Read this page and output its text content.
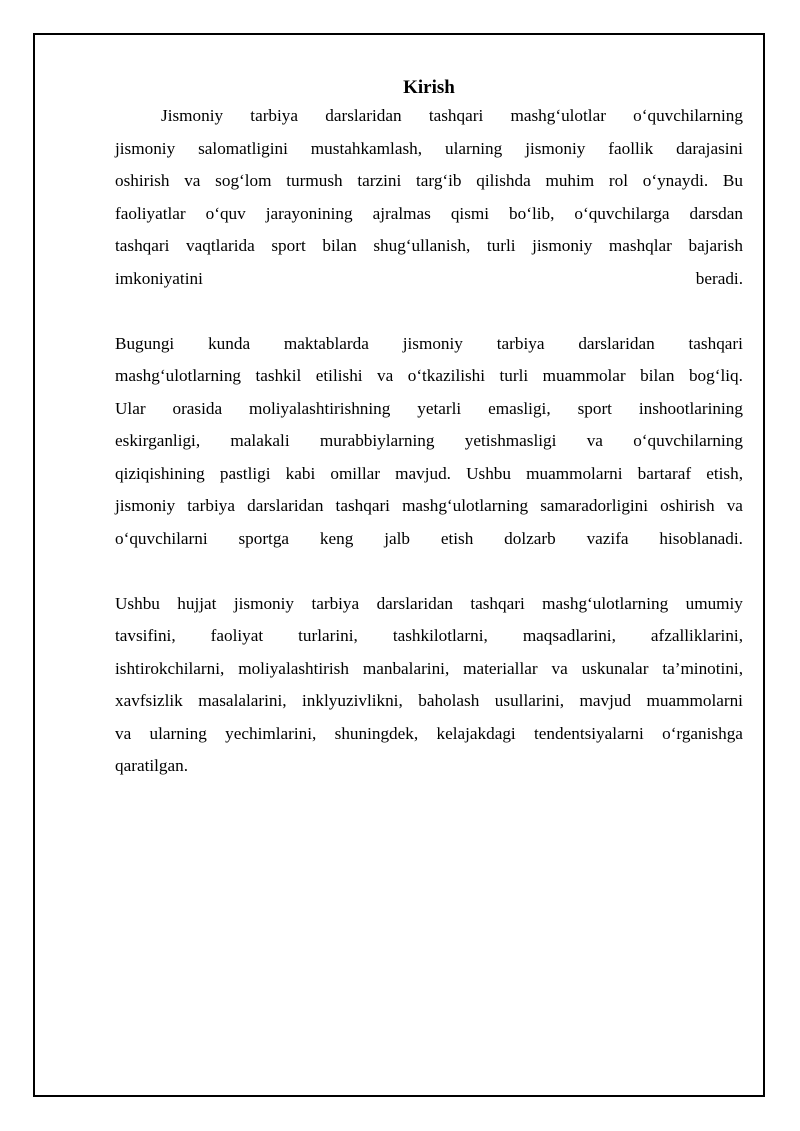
Kirish
Jismoniy tarbiya darslaridan tashqari mashg‘ulotlar o‘quvchilarning
jismoniy salomatligini mustahkamlash, ularning jismoniy faollik darajasini
oshirish va sog‘lom turmush tarzini targ‘ib qilishda muhim rol o‘ynaydi. Bu
faoliyatlar o‘quv jarayonining ajralmas qismi bo‘lib, o‘quvchilarga darsdan
tashqari vaqtlarida sport bilan shug‘ullanish, turli jismoniy mashqlar bajarish
imkoniyatini	beradi.
Bugungi kunda maktablarda jismoniy tarbiya darslaridan tashqari
mashg‘ulotlarning tashkil etilishi va o‘tkazilishi turli muammolar bilan bog‘liq.
Ular orasida moliyalashtirishning yetarli emasligi, sport inshootlarining
eskirganligi, malakali murabbiylarning yetishmasligi va o‘quvchilarning
qiziqishining pastligi kabi omillar mavjud. Ushbu muammolarni bartaraf etish,
jismoniy tarbiya darslaridan tashqari mashg‘ulotlarning samaradorligini oshirish va
o‘quvchilarni sportga keng jalb etish dolzarb vazifa hisoblanadi.
Ushbu hujjat jismoniy tarbiya darslaridan tashqari mashg‘ulotlarning umumiy
tavsifini, faoliyat turlarini, tashkilotlarni, maqsadlarini, afzalliklarini,
ishtirokchilarni, moliyalashtirish manbalarini, materiallar va uskunalar ta’minotini,
xavfsizlik masalalarini, inklyuzivlikni, baholash usullarini, mavjud muammolarni
va ularning yechimlarini, shuningdek, kelajakdagi tendentsiyalarni o‘rganishga
qaratilgan.
